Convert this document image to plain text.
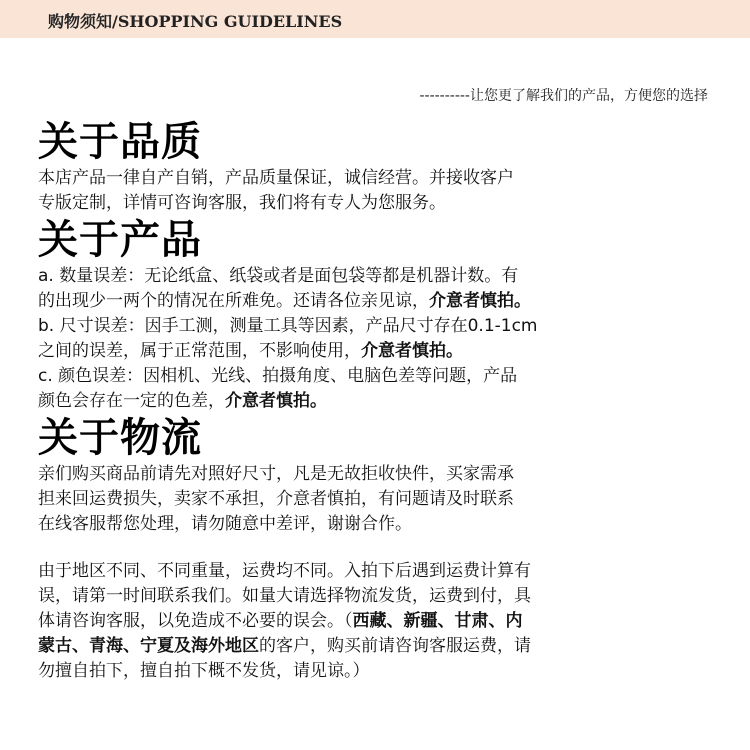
购物须知/SHOPPING GUIDELINES
----------让您更了解我们的产品，方便您的选择
关于品质

本店产品一律自产自销，产品质量保证，诚信经营。并接收客户

专版定制，详情可咨询客服，我们将有专人为您服务。

关于产品

a. 数量误差：无论纸盒、纸袋或者是面包袋等都是机器计数。有

的出现少一两个的情况在所难免。还请各位亲见谅，介意者慎拍。

b. 尺寸误差：因手工测，测量工具等因素，产品尺寸存在0.1-1cm

之间的误差，属于正常范围，不影响使用，介意者慎拍。

c. 颜色误差：因相机、光线、拍摄角度、电脑色差等问题，产品

颜色会存在一定的色差，介意者慎拍。

关于物流

亲们购买商品前请先对照好尺寸，凡是无故拒收快件，买家需承

担来回运费损失，卖家不承担，介意者慎拍，有问题请及时联系

在线客服帮您处理，请勿随意中差评，谢谢合作。

由于地区不同、不同重量，运费均不同。入拍下后遇到运费计算有

误，请第一时间联系我们。如量大请选择物流发货，运费到付，具

体请咨询客服，以免造成不必要的误会。（西藏、新疆、甘肃、内

蒙古、青海、宁夏及海外地区的客户，购买前请咨询客服运费，请

勿擅自拍下，擅自拍下概不发货，请见谅。）
